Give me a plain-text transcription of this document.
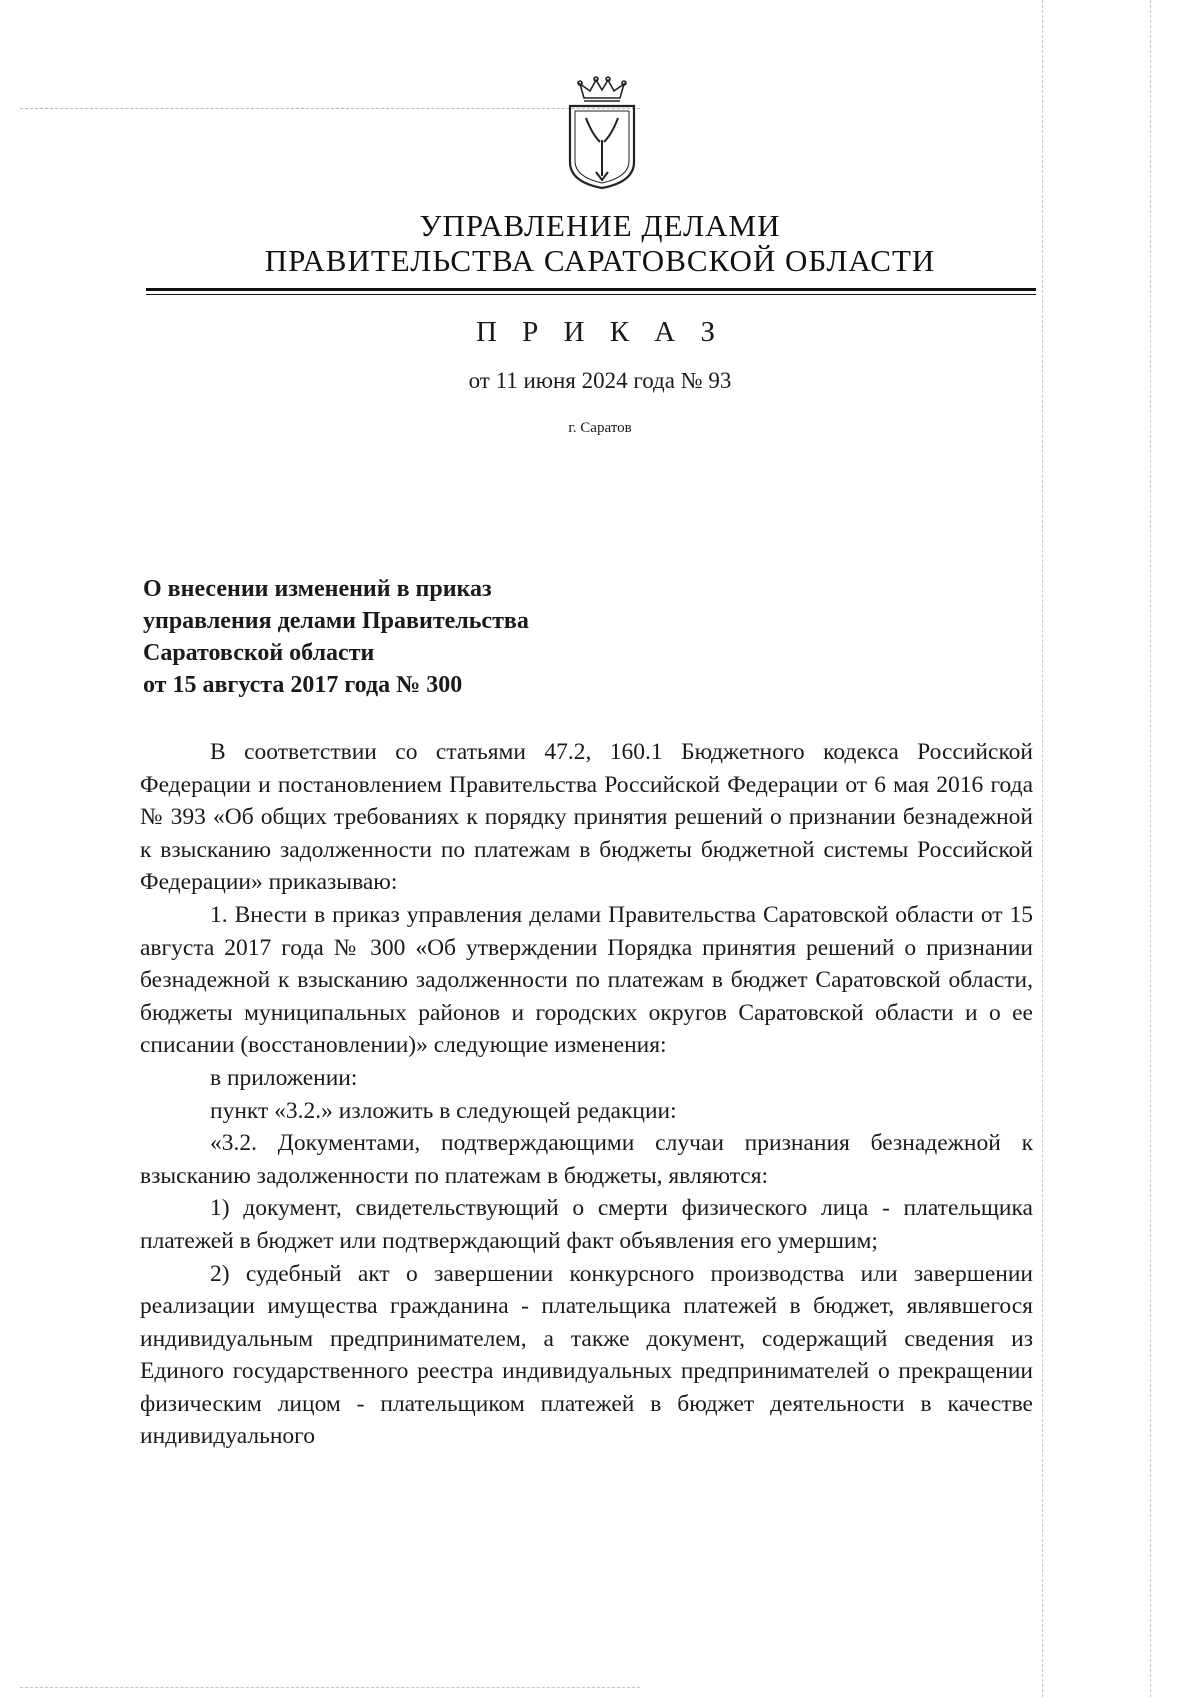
УПРАВЛЕНИЕ ДЕЛАМИ
ПРАВИТЕЛЬСТВА САРАТОВСКОЙ ОБЛАСТИ
П Р И К А З
от 11 июня 2024 года № 93
г. Саратов
О внесении изменений в приказ
управления делами Правительства
Саратовской области
от 15 августа 2017 года № 300

В соответствии со статьями 47.2, 160.1 Бюджетного кодекса Российской Федерации и постановлением Правительства Российской Федерации от 6 мая 2016 года № 393 «Об общих требованиях к порядку принятия решений о признании безнадежной к взысканию задолженности по платежам в бюджеты бюджетной системы Российской Федерации» приказываю:

1. Внести в приказ управления делами Правительства Саратовской области от 15 августа 2017 года № 300 «Об утверждении Порядка принятия решений о признании безнадежной к взысканию задолженности по платежам в бюджет Саратовской области, бюджеты муниципальных районов и городских округов Саратовской области и о ее списании (восстановлении)» следующие изменения:

в приложении:

пункт «3.2.» изложить в следующей редакции:

«3.2. Документами, подтверждающими случаи признания безнадежной к взысканию задолженности по платежам в бюджеты, являются:

1) документ, свидетельствующий о смерти физического лица - плательщика платежей в бюджет или подтверждающий факт объявления его умершим;

2) судебный акт о завершении конкурсного производства или завершении реализации имущества гражданина - плательщика платежей в бюджет, являвшегося индивидуальным предпринимателем, а также документ, содержащий сведения из Единого государственного реестра индивидуальных предпринимателей о прекращении физическим лицом - плательщиком платежей в бюджет деятельности в качестве индивидуального
